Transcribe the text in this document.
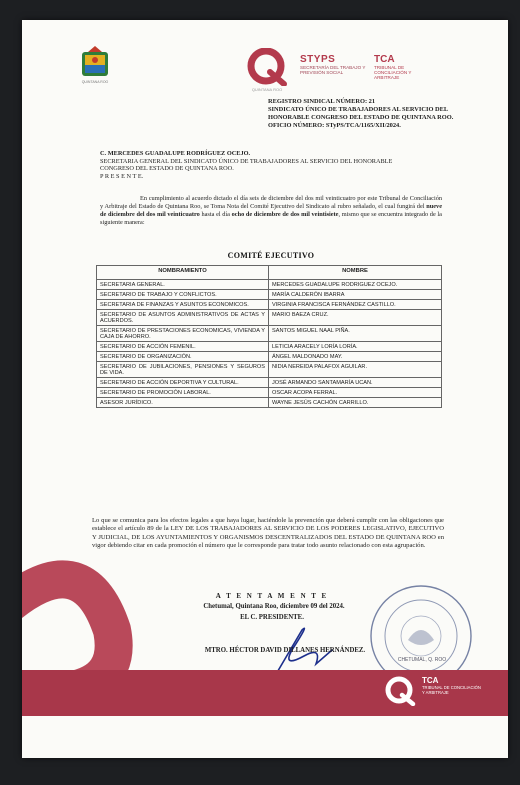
QUINTANA ROO
QUINTANA ROO
STYPS
SECRETARÍA DEL TRABAJO Y PREVISIÓN SOCIAL
TCA
TRIBUNAL DE CONCILIACIÓN Y ARBITRAJE
REGISTRO SINDICAL NÚMERO: 21
SINDICATO ÚNICO DE TRABAJADORES AL SERVICIO DEL HONORABLE CONGRESO DEL ESTADO DE QUINTANA ROO.
OFICIO NÚMERO: STyPS/TCA/1165/XII/2024.
C. MERCEDES GUADALUPE RODRÍGUEZ OCEJO.
SECRETARIA GENERAL DEL SINDICATO ÚNICO DE TRABAJADORES AL SERVICIO DEL HONORABLE CONGRESO DEL ESTADO DE QUINTANA ROO.
P R E S E N T E.
En cumplimiento al acuerdo dictado el día seis de diciembre del dos mil veinticuatro por este Tribunal de Conciliación y Arbitraje del Estado de Quintana Roo, se Toma Nota del Comité Ejecutivo del Sindicato al rubro señalado, el cual fungirá del nueve de diciembre del dos mil veinticuatro hasta el día ocho de diciembre de dos mil veintisiete, mismo que se encuentra integrado de la siguiente manera:
COMITÉ EJECUTIVO
NOMBRAMIENTO	NOMBRE
SECRETARIA GENERAL.	MERCEDES GUADALUPE RODRIGUEZ OCEJO.
SECRETARIO DE TRABAJO Y CONFLICTOS.	MARÍA CALDERÓN IBARRA
SECRETARIA DE FINANZAS Y ASUNTOS ECONOMICOS.	VIRGINIA FRANCISCA FERNÁNDEZ CASTILLO.
SECRETARIO DE ASUNTOS ADMINISTRATIVOS DE ACTAS Y ACUERDOS.	MARIO BAEZA CRUZ.
SECRETARIO DE PRESTACIONES ECONOMICAS, VIVIENDA Y CAJA DE AHORRO.	SANTOS MIGUEL NAAL PIÑA.
SECRETARIO DE ACCIÓN FEMENIL.	LETICIA ARACELY LORÍA LORÍA.
SECRETARIO DE ORGANIZACIÓN.	ÁNGEL MALDONADO MAY.
SECRETARIO DE JUBILACIONES, PENSIONES Y SEGUROS DE VIDA.	NIDIA NEREIDA PALAFOX AGUILAR.
SECRETARIO DE ACCIÓN DEPORTIVA Y CULTURAL.	JOSÉ ARMANDO SANTAMARÍA UCAN.
SECRETARIO DE PROMOCIÓN LABORAL.	OSCAR ACOPA FERRAL.
ASESOR JURÍDICO.	WAYNE JESÚS CACHÓN CARRILLO.
Lo que se comunica para los efectos legales a que haya lugar, haciéndole la prevención que deberá cumplir con las obligaciones que establece el artículo 89 de la LEY DE LOS TRABAJADORES AL SERVICIO DE LOS PODERES LEGISLATIVO, EJECUTIVO Y JUDICIAL, DE LOS AYUNTAMIENTOS Y ORGANISMOS DESCENTRALIZADOS DEL ESTADO DE QUINTANA ROO en vigor debiendo citar en cada promoción el número que le corresponde para tratar todo asunto relacionado con esta agrupación.
CHETUMAL, Q. ROO
A T E N T A M E N T E
Chetumal, Quintana Roo, diciembre 09 del 2024.
EL C. PRESIDENTE.
MTRO. HÉCTOR DAVID DILLANES HERNÁNDEZ.
TCA
TRIBUNAL DE CONCILIACIÓN Y ARBITRAJE
